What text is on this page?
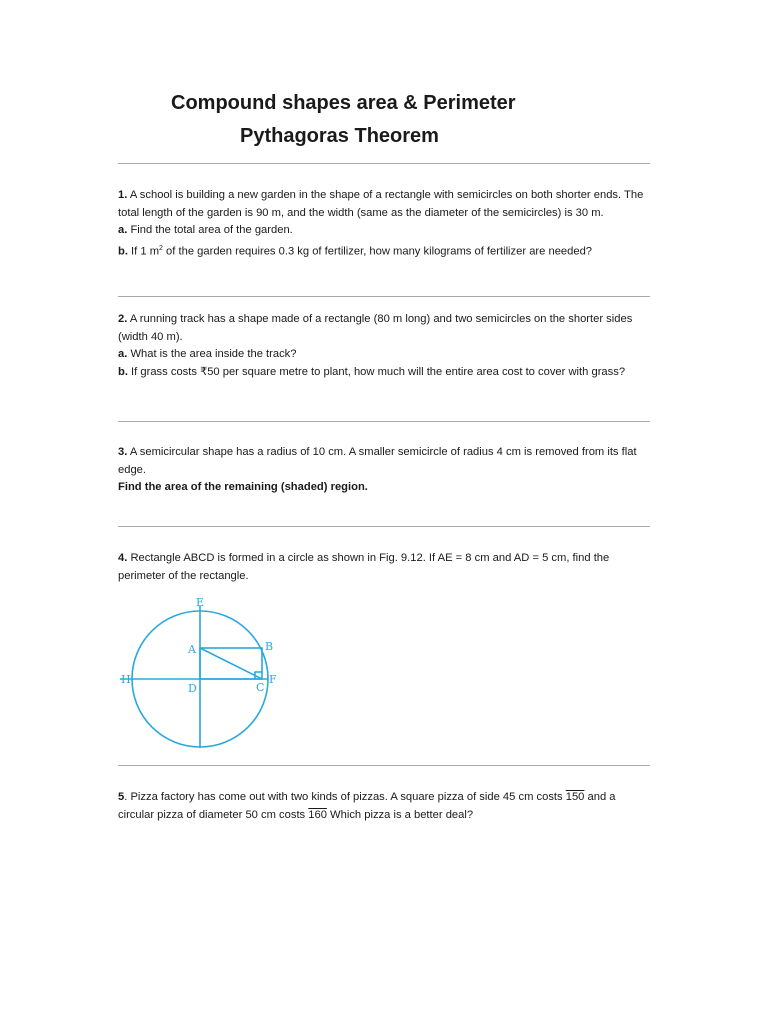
Compound shapes area & Perimeter
Pythagoras Theorem

1. A school is building a new garden in the shape of a rectangle with semicircles on both shorter ends. The total length of the garden is 90 m, and the width (same as the diameter of the semicircles) is 30 m.

a. Find the total area of the garden.

b. If 1 $m^2$ of the garden requires 0.3 kg of fertilizer, how many kilograms of fertilizer are needed?

2. A running track has a shape made of a rectangle (80 m long) and two semicircles on the shorter sides (width 40 m).

a. What is the area inside the track?

b. If grass costs ₹50 per square metre to plant, how much will the entire area cost to cover with grass?

3. A semicircular shape has a radius of 10 cm. A smaller semicircle of radius 4 cm is removed from its flat edge.

Find the area of the remaining (shaded) region.

4. Rectangle ABCD is formed in a circle as shown in Fig. 9.12. If AE = 8 cm and AD = 5 cm, find the perimeter of the rectangle.

E
A	B
H
D	C
F

5. Pizza factory has come out with two kinds of pizzas. A square pizza of side 45 cm costs 150 and a circular pizza of diameter 50 cm costs 160 Which pizza is a better deal?
